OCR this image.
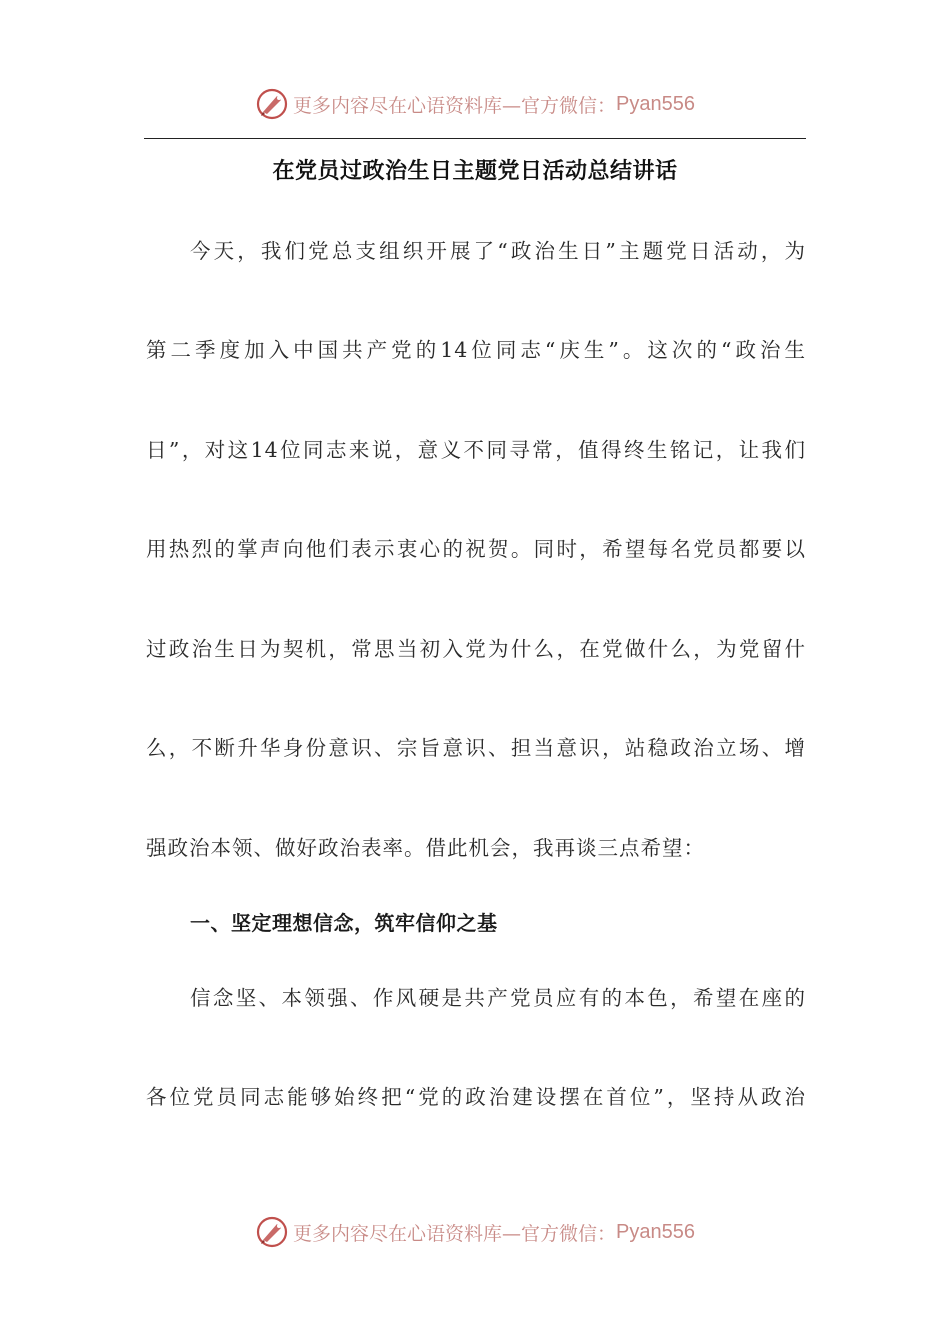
更多内容尽在心语资料库—官方微信： Pyan556
在党员过政治生日主题党日活动总结讲话
今天，我们党总支组织开展了“政治生日”主题党日活动，为
第二季度加入中国共产党的14位同志“庆生”。这次的“政治生
日”，对这14位同志来说，意义不同寻常，值得终生铭记，让我们
用热烈的掌声向他们表示衷心的祝贺。同时，希望每名党员都要以
过政治生日为契机，常思当初入党为什么，在党做什么，为党留什
么，不断升华身份意识、宗旨意识、担当意识，站稳政治立场、增
强政治本领、做好政治表率。借此机会，我再谈三点希望：
一、坚定理想信念，筑牢信仰之基
信念坚、本领强、作风硬是共产党员应有的本色，希望在座的
各位党员同志能够始终把“党的政治建设摆在首位”，坚持从政治
更多内容尽在心语资料库—官方微信： Pyan556
